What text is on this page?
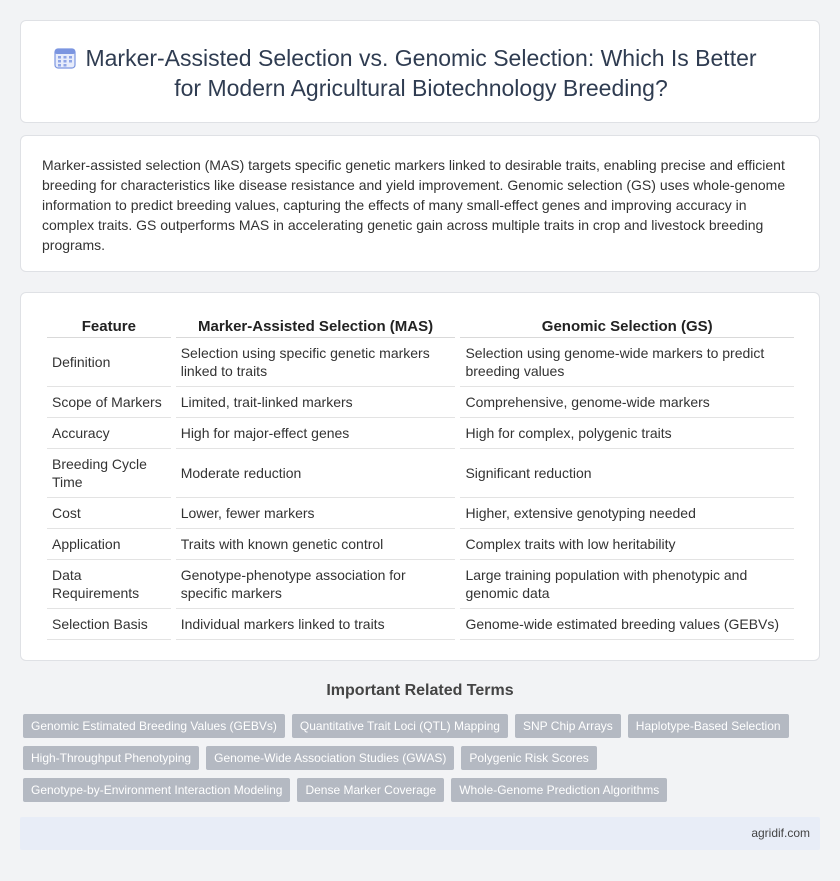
Marker-Assisted Selection vs. Genomic Selection: Which Is Better for Modern Agricultural Biotechnology Breeding?

Marker-assisted selection (MAS) targets specific genetic markers linked to desirable traits, enabling precise and efficient breeding for characteristics like disease resistance and yield improvement. Genomic selection (GS) uses whole-genome information to predict breeding values, capturing the effects of many small-effect genes and improving accuracy in complex traits. GS outperforms MAS in accelerating genetic gain across multiple traits in crop and livestock breeding programs.

Feature	Marker-Assisted Selection (MAS)	Genomic Selection (GS)
Definition	Selection using specific genetic markers linked to traits	Selection using genome-wide markers to predict breeding values
Scope of Markers	Limited, trait-linked markers	Comprehensive, genome-wide markers
Accuracy	High for major-effect genes	High for complex, polygenic traits
Breeding Cycle Time	Moderate reduction	Significant reduction
Cost	Lower, fewer markers	Higher, extensive genotyping needed
Application	Traits with known genetic control	Complex traits with low heritability
Data Requirements	Genotype-phenotype association for specific markers	Large training population with phenotypic and genomic data
Selection Basis	Individual markers linked to traits	Genome-wide estimated breeding values (GEBVs)
Important Related Terms
Genomic Estimated Breeding Values (GEBVs)	Quantitative Trait Loci (QTL) Mapping	SNP Chip Arrays	Haplotype-Based Selection
High-Throughput Phenotyping	Genome-Wide Association Studies (GWAS)	Polygenic Risk Scores
Genotype-by-Environment Interaction Modeling	Dense Marker Coverage	Whole-Genome Prediction Algorithms
agridif.com
